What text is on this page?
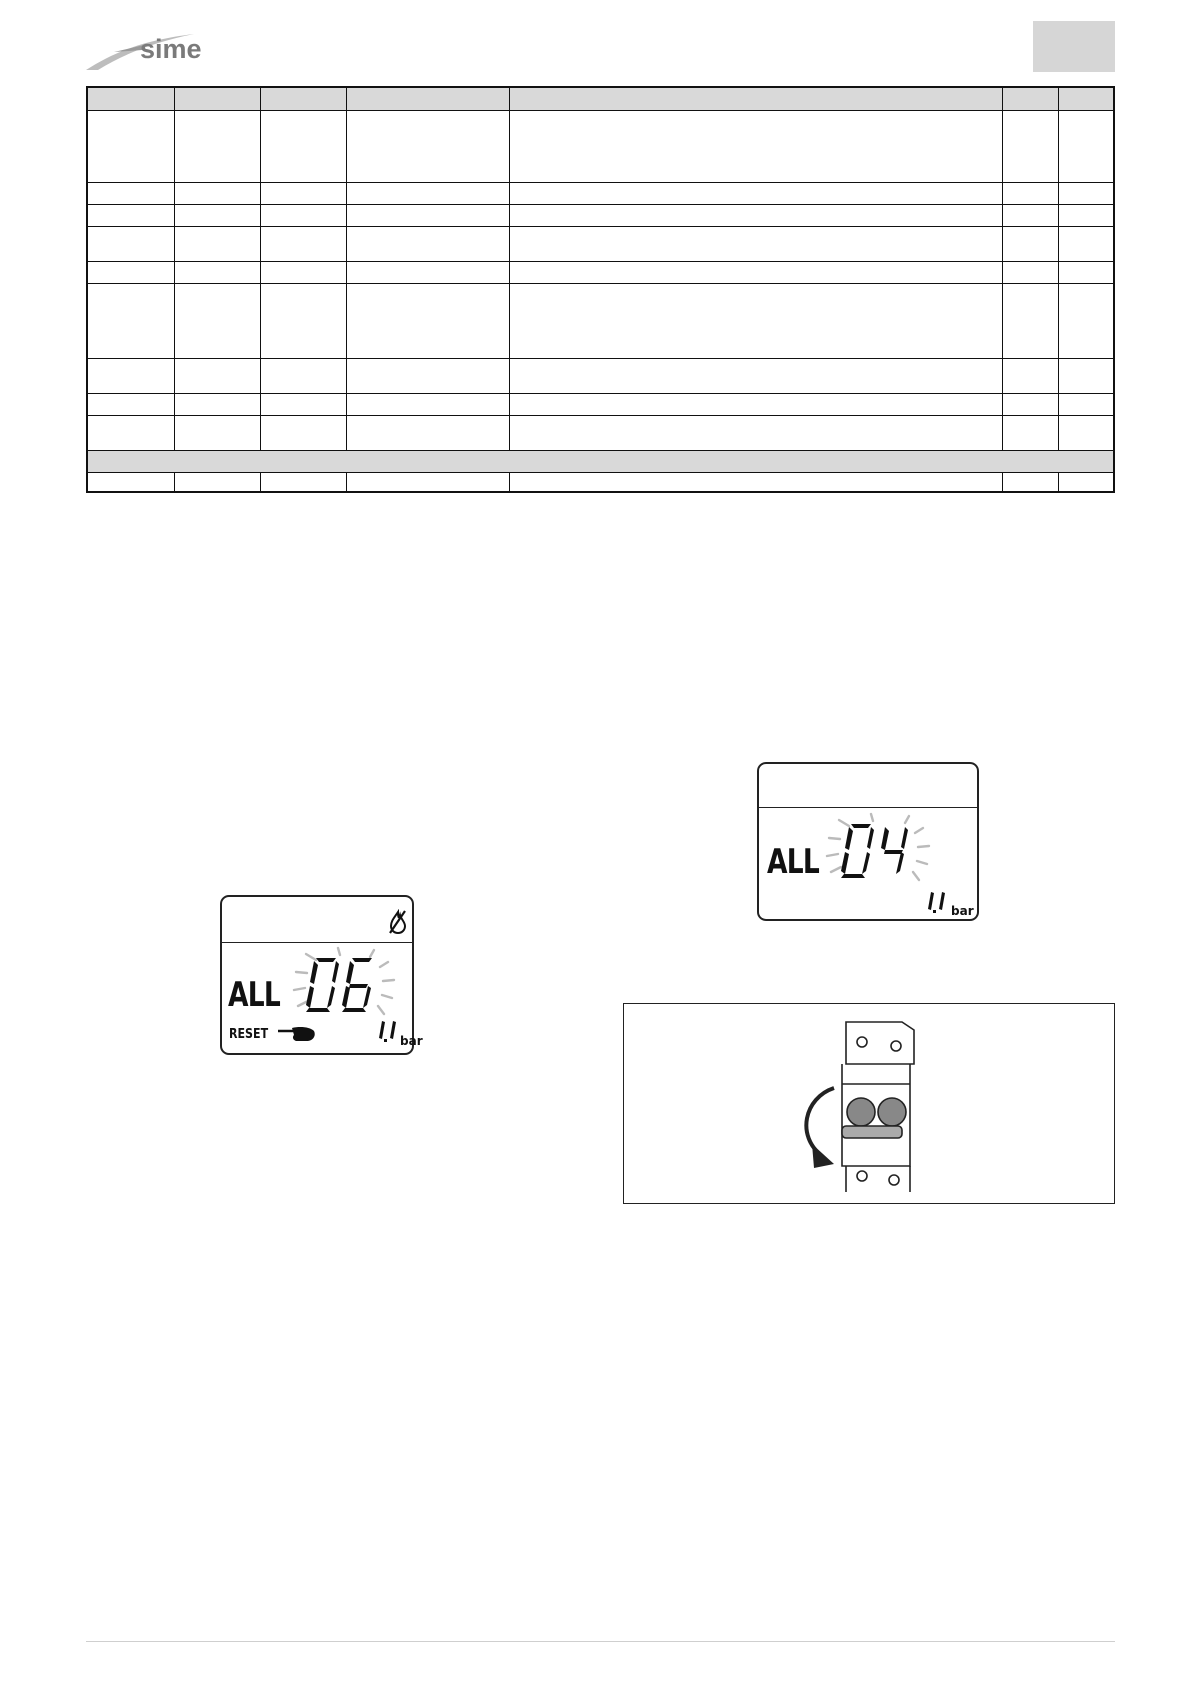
sime
ALL
RESET	bar
ALL
bar
